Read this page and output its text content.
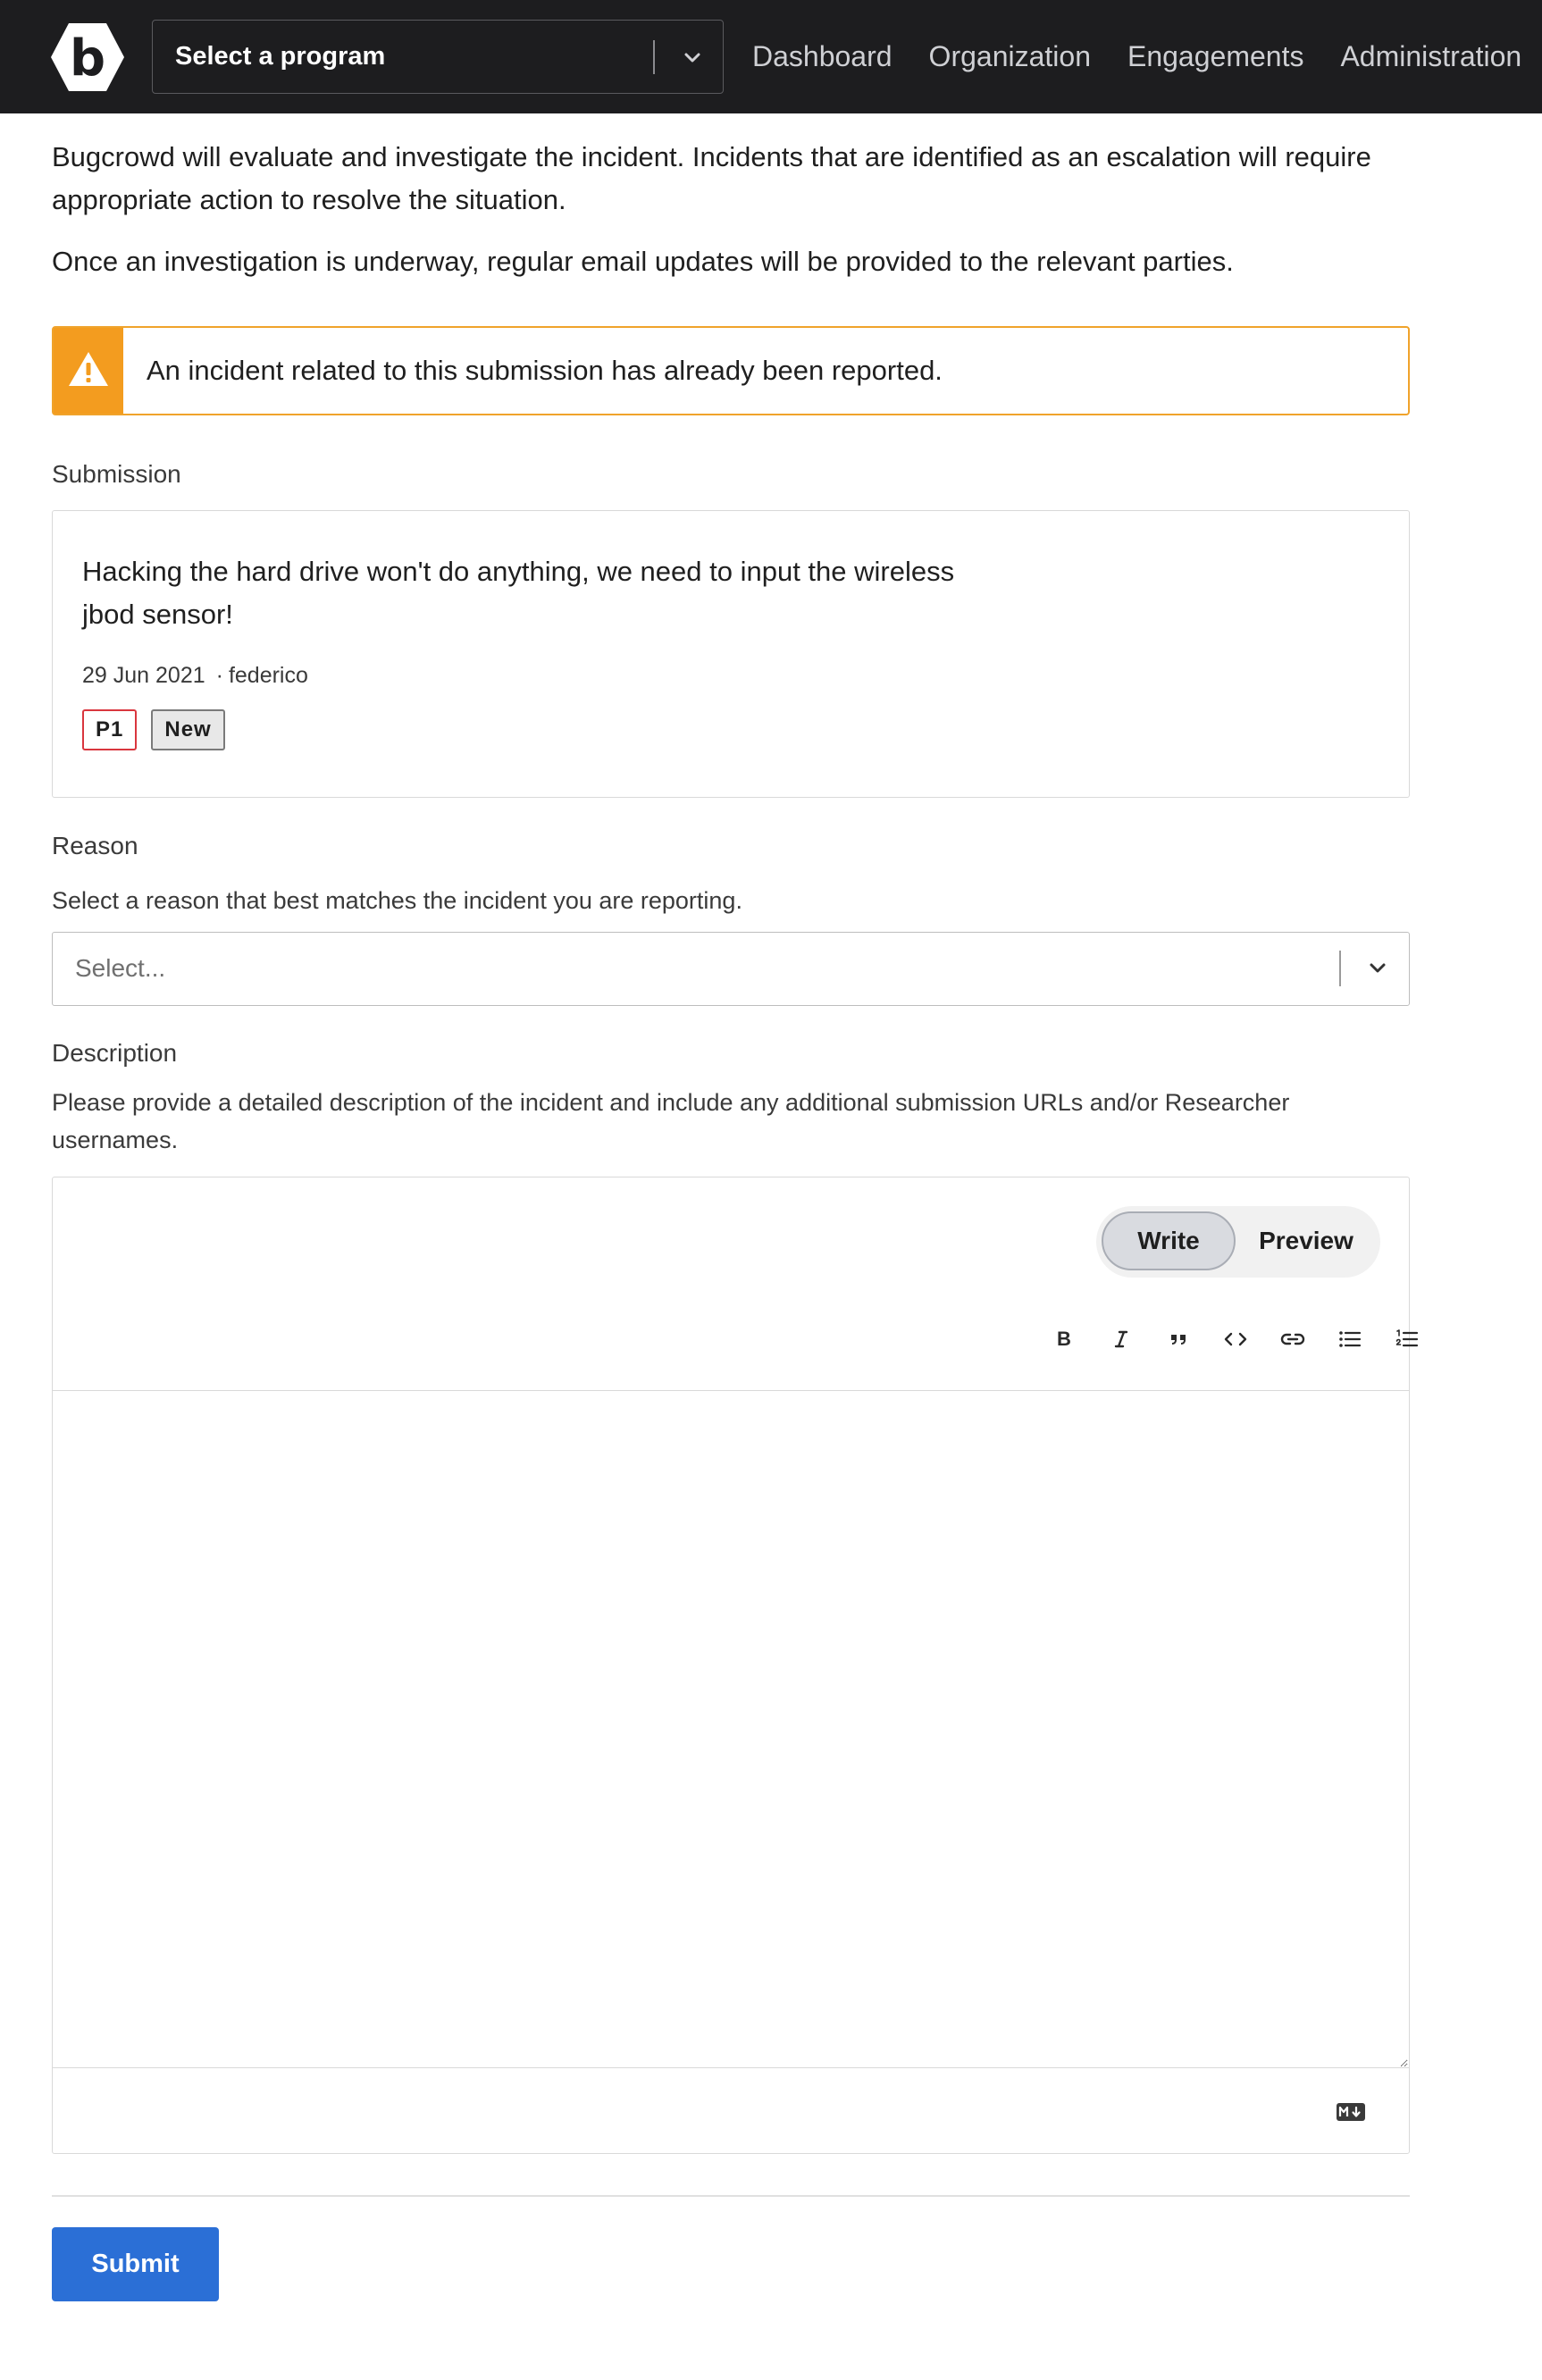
b	Select a program	Dashboard Organization Engagements Administration

Bugcrowd will evaluate and investigate the incident. Incidents that are identified as an escalation will require appropriate action to resolve the situation.

Once an investigation is underway, regular email updates will be provided to the relevant parties.

An incident related to this submission has already been reported.
Submission
Hacking the hard drive won't do anything, we need to input the wireless jbod sensor!
29 Jun 2021 · federico
P1	New
Reason
Select a reason that best matches the incident you are reporting.
Select...
Description
Please provide a detailed description of the incident and include any additional submission URLs and/or Researcher usernames.
Write	Preview
B
Submit
